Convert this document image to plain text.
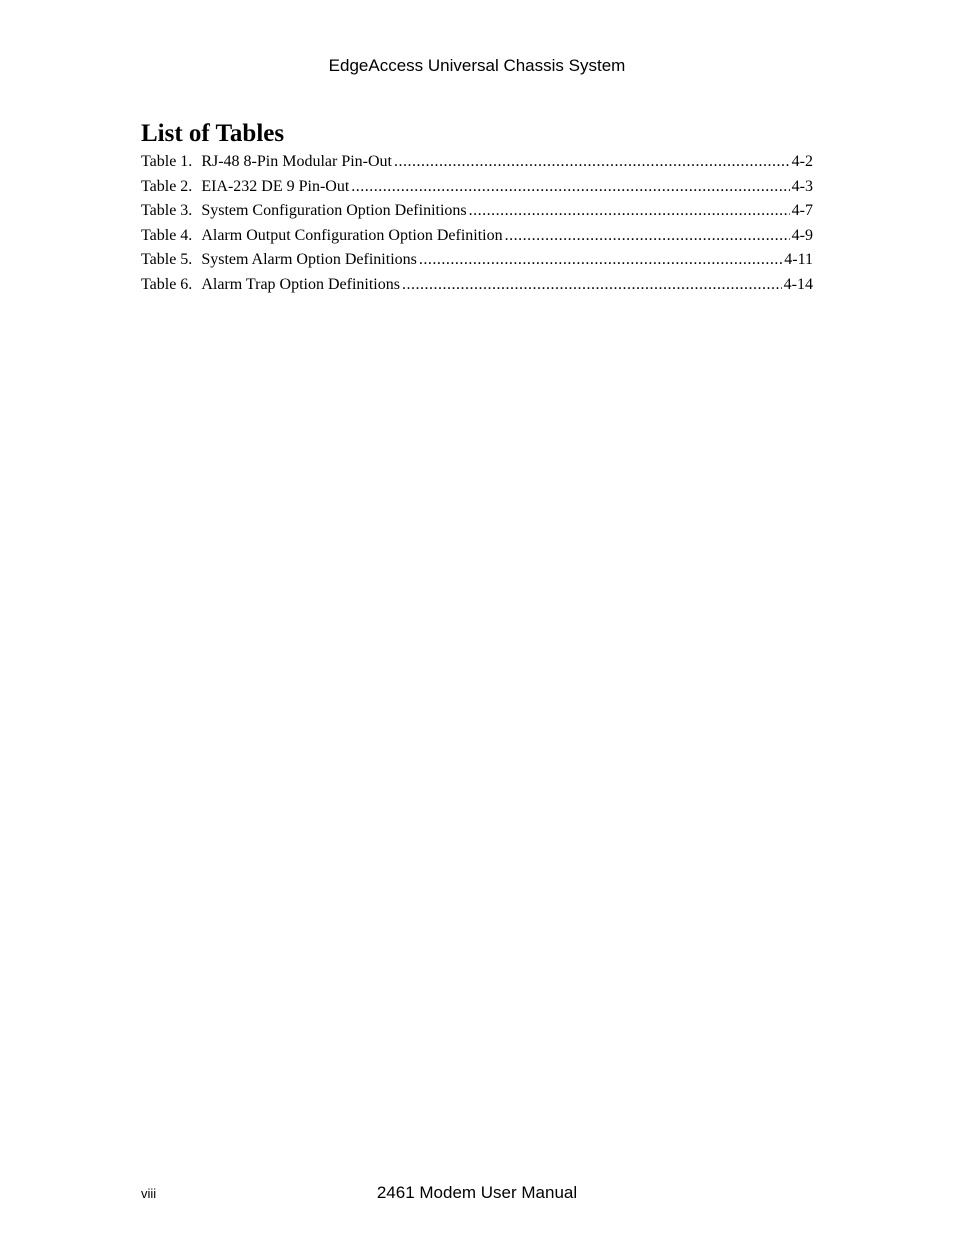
EdgeAccess Universal Chassis System
List of Tables
Table 1. RJ-48 8-Pin Modular Pin-Out .....	4-2
Table 2. EIA-232 DE 9 Pin-Out .....	4-3
Table 3. System Configuration Option Definitions .....	4-7
Table 4. Alarm Output Configuration Option Definition .....	4-9
Table 5. System Alarm Option Definitions .....	4-11
Table 6. Alarm Trap Option Definitions .....	4-14
viii	2461 Modem User Manual
